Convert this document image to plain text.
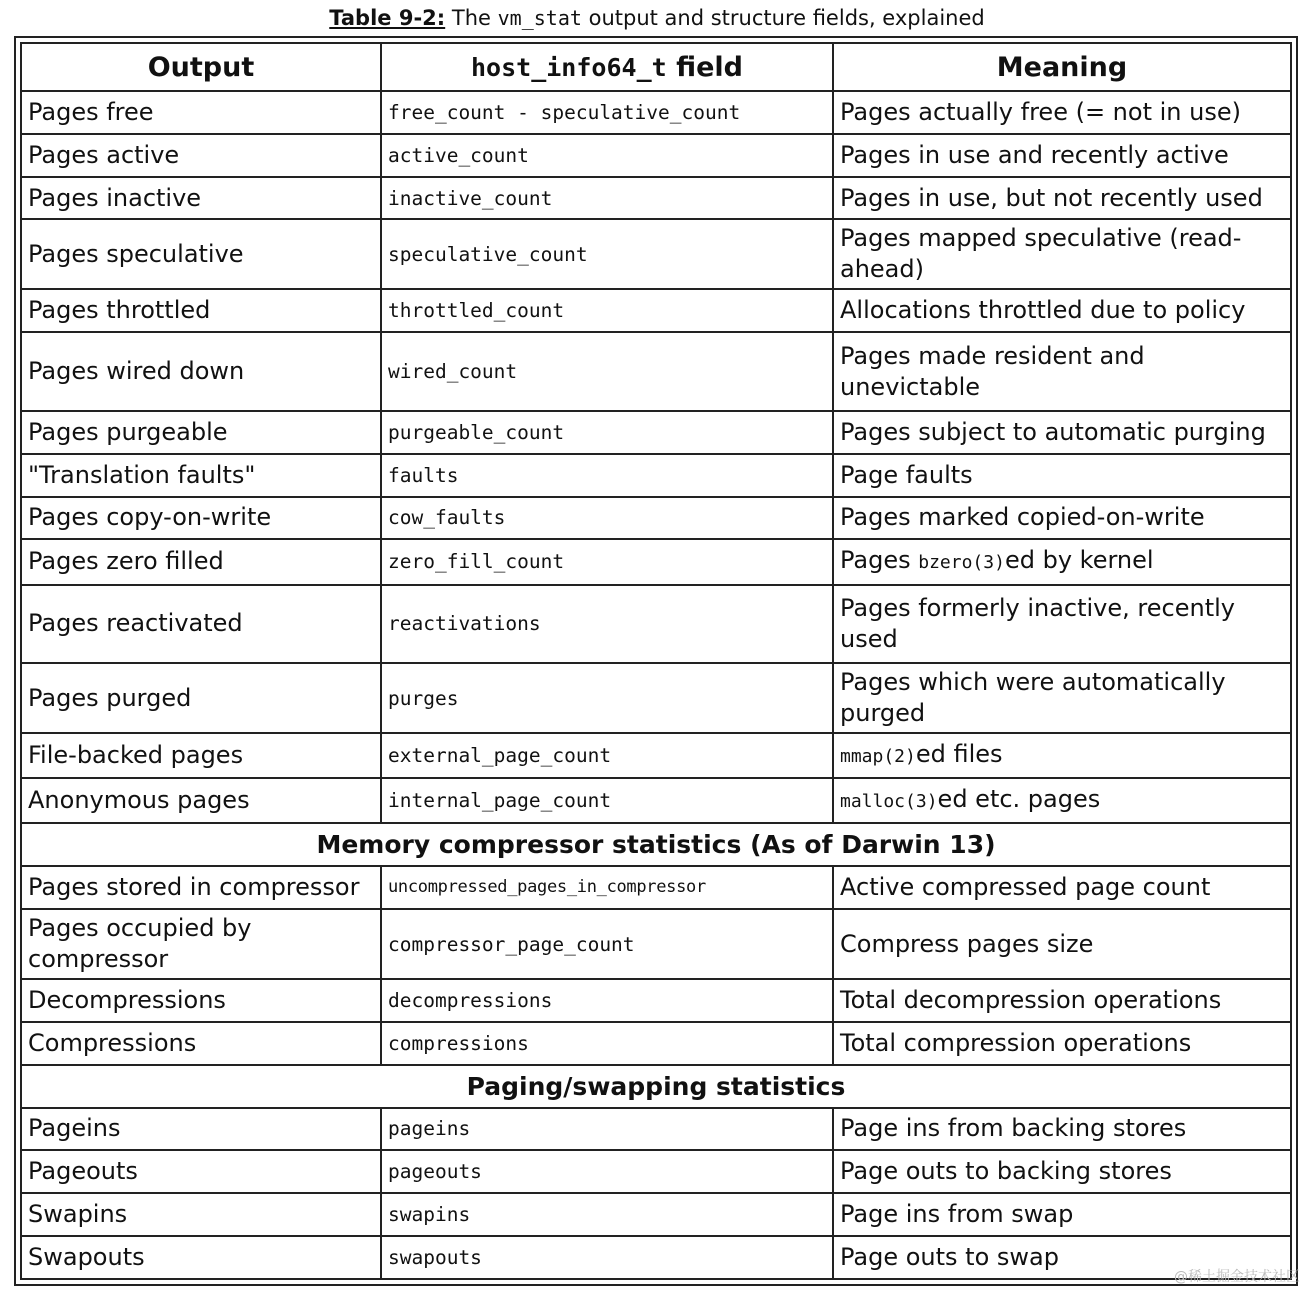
Table 9-2: The vm_stat output and structure fields, explained
Output	host_info64_t field	Meaning
Pages free	free_count - speculative_count	Pages actually free (= not in use)
Pages active	active_count	Pages in use and recently active
Pages inactive	inactive_count	Pages in use, but not recently used
Pages speculative	speculative_count	Pages mapped speculative (read-ahead)
Pages throttled	throttled_count	Allocations throttled due to policy
Pages wired down	wired_count	Pages made resident and unevictable
Pages purgeable	purgeable_count	Pages subject to automatic purging
"Translation faults"	faults	Page faults
Pages copy-on-write	cow_faults	Pages marked copied-on-write
Pages zero filled	zero_fill_count	Pages bzero(3)ed by kernel
Pages reactivated	reactivations	Pages formerly inactive, recently used
Pages purged	purges	Pages which were automatically purged
File-backed pages	external_page_count	mmap(2)ed files
Anonymous pages	internal_page_count	malloc(3)ed etc. pages
Memory compressor statistics (As of Darwin 13)		
Pages stored in compressor	uncompressed_pages_in_compressor	Active compressed page count
Pages occupied by compressor	compressor_page_count	Compress pages size
Decompressions	decompressions	Total decompression operations
Compressions	compressions	Total compression operations
Paging/swapping statistics		
Pageins	pageins	Page ins from backing stores
Pageouts	pageouts	Page outs to backing stores
Swapins	swapins	Page ins from swap
Swapouts	swapouts	Page outs to swap
@稀土掘金技术社区
